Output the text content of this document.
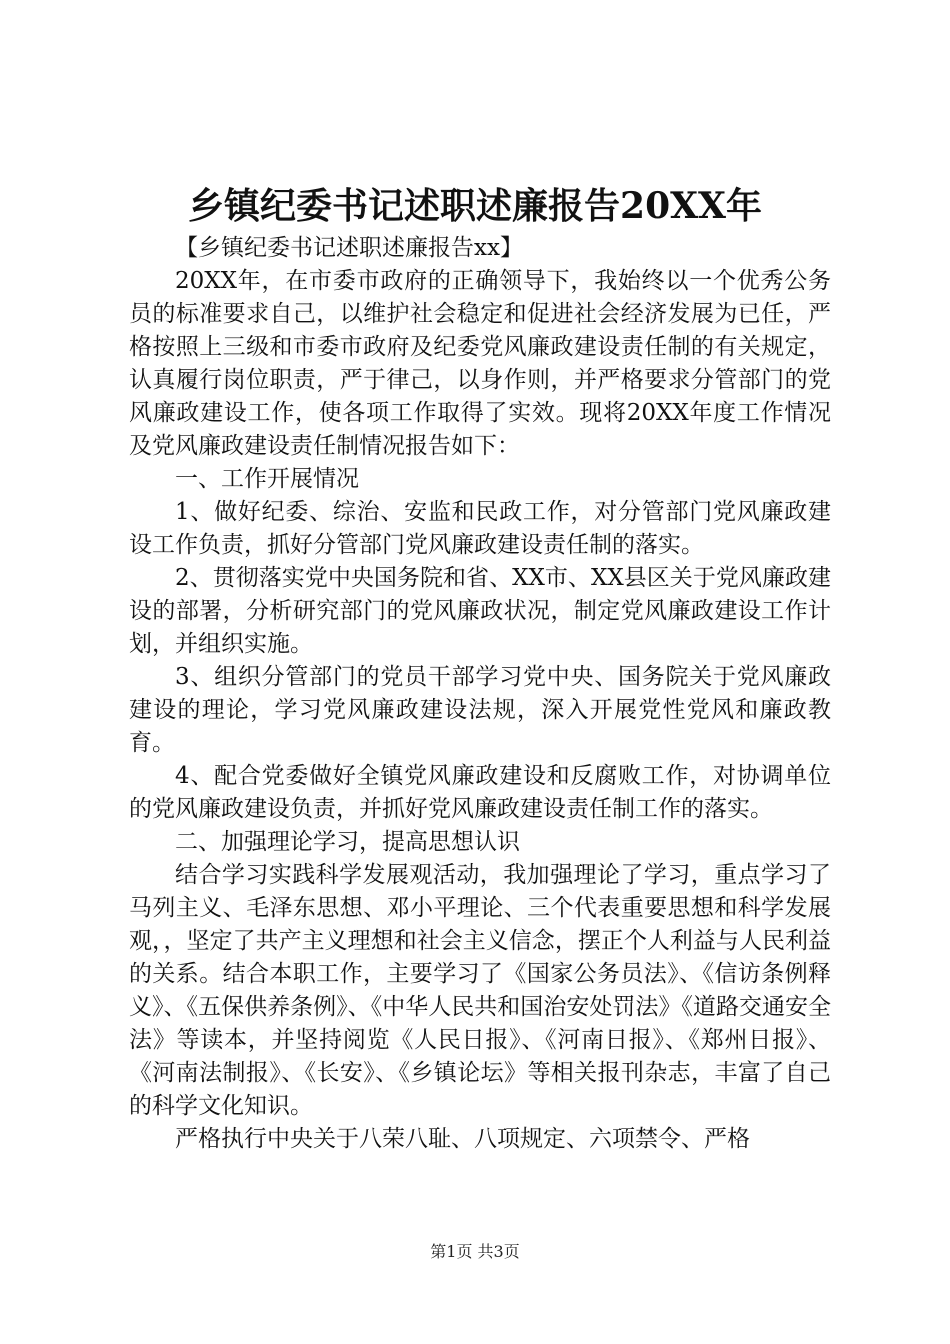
乡镇纪委书记述职述廉报告20XX年

【乡镇纪委书记述职述廉报告xx】

20XX年，在市委市政府的正确领导下，我始终以一个优秀公务员的标准要求自己，以维护社会稳定和促进社会经济发展为已任，严格按照上三级和市委市政府及纪委党风廉政建设责任制的有关规定，认真履行岗位职责，严于律己，以身作则，并严格要求分管部门的党风廉政建设工作，使各项工作取得了实效。现将20XX年度工作情况及党风廉政建设责任制情况报告如下：

一、工作开展情况

1、做好纪委、综治、安监和民政工作，对分管部门党风廉政建设工作负责，抓好分管部门党风廉政建设责任制的落实。

2、贯彻落实党中央国务院和省、XX市、XX县区关于党风廉政建设的部署，分析研究部门的党风廉政状况，制定党风廉政建设工作计划，并组织实施。

3、组织分管部门的党员干部学习党中央、国务院关于党风廉政建设的理论，学习党风廉政建设法规，深入开展党性党风和廉政教育。

4、配合党委做好全镇党风廉政建设和反腐败工作，对协调单位的党风廉政建设负责，并抓好党风廉政建设责任制工作的落实。

二、加强理论学习，提高思想认识

结合学习实践科学发展观活动，我加强理论了学习，重点学习了马列主义、毛泽东思想、邓小平理论、三个代表重要思想和科学发展观，，坚定了共产主义理想和社会主义信念，摆正个人利益与人民利益的关系。结合本职工作，主要学习了《国家公务员法》、《信访条例释义》、《五保供养条例》、《中华人民共和国治安处罚法》《道路交通安全法》等读本，并坚持阅览《人民日报》、《河南日报》、《郑州日报》、《河南法制报》、《长安》、《乡镇论坛》等相关报刊杂志，丰富了自己的科学文化知识。

严格执行中央关于八荣八耻、八项规定、六项禁令、严格

第1页 共3页
